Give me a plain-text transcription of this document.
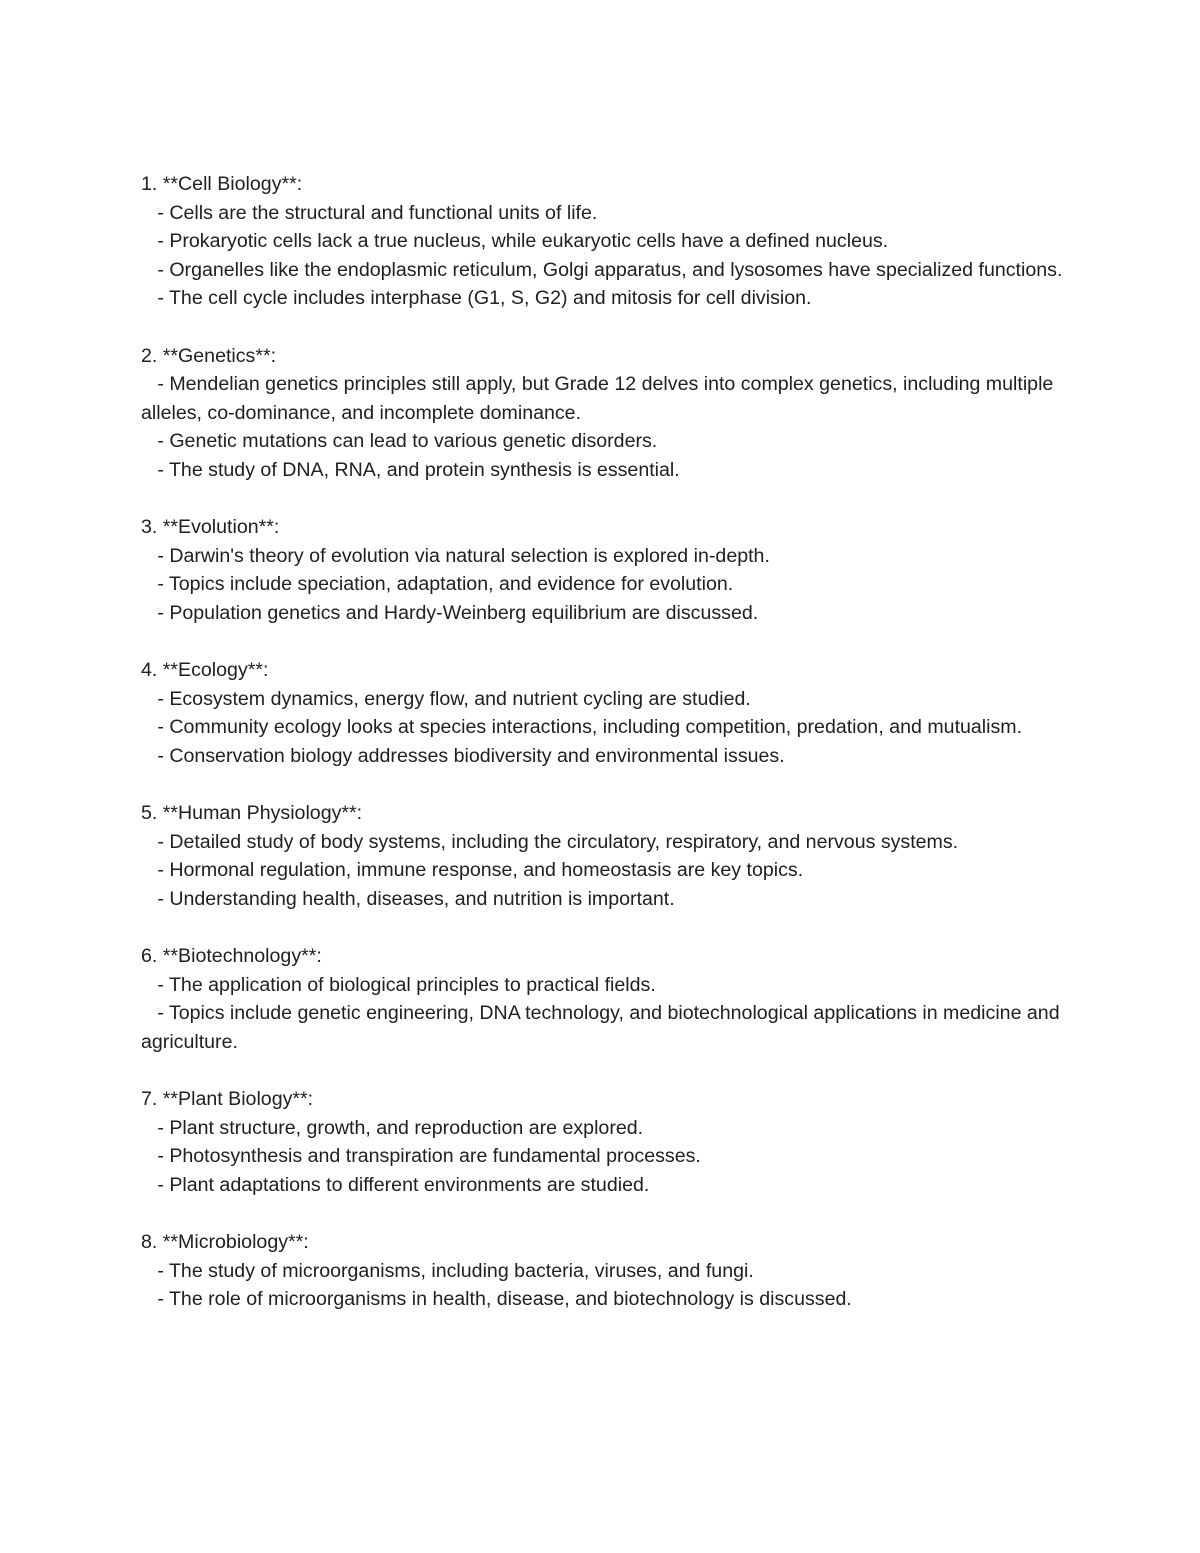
1. **Cell Biology**:
- Cells are the structural and functional units of life.
- Prokaryotic cells lack a true nucleus, while eukaryotic cells have a defined nucleus.
- Organelles like the endoplasmic reticulum, Golgi apparatus, and lysosomes have specialized functions.
- The cell cycle includes interphase (G1, S, G2) and mitosis for cell division.
2. **Genetics**:
- Mendelian genetics principles still apply, but Grade 12 delves into complex genetics, including multiple alleles, co-dominance, and incomplete dominance.
- Genetic mutations can lead to various genetic disorders.
- The study of DNA, RNA, and protein synthesis is essential.
3. **Evolution**:
- Darwin's theory of evolution via natural selection is explored in-depth.
- Topics include speciation, adaptation, and evidence for evolution.
- Population genetics and Hardy-Weinberg equilibrium are discussed.
4. **Ecology**:
- Ecosystem dynamics, energy flow, and nutrient cycling are studied.
- Community ecology looks at species interactions, including competition, predation, and mutualism.
- Conservation biology addresses biodiversity and environmental issues.
5. **Human Physiology**:
- Detailed study of body systems, including the circulatory, respiratory, and nervous systems.
- Hormonal regulation, immune response, and homeostasis are key topics.
- Understanding health, diseases, and nutrition is important.
6. **Biotechnology**:
- The application of biological principles to practical fields.
- Topics include genetic engineering, DNA technology, and biotechnological applications in medicine and agriculture.
7. **Plant Biology**:
- Plant structure, growth, and reproduction are explored.
- Photosynthesis and transpiration are fundamental processes.
- Plant adaptations to different environments are studied.
8. **Microbiology**:
- The study of microorganisms, including bacteria, viruses, and fungi.
- The role of microorganisms in health, disease, and biotechnology is discussed.
